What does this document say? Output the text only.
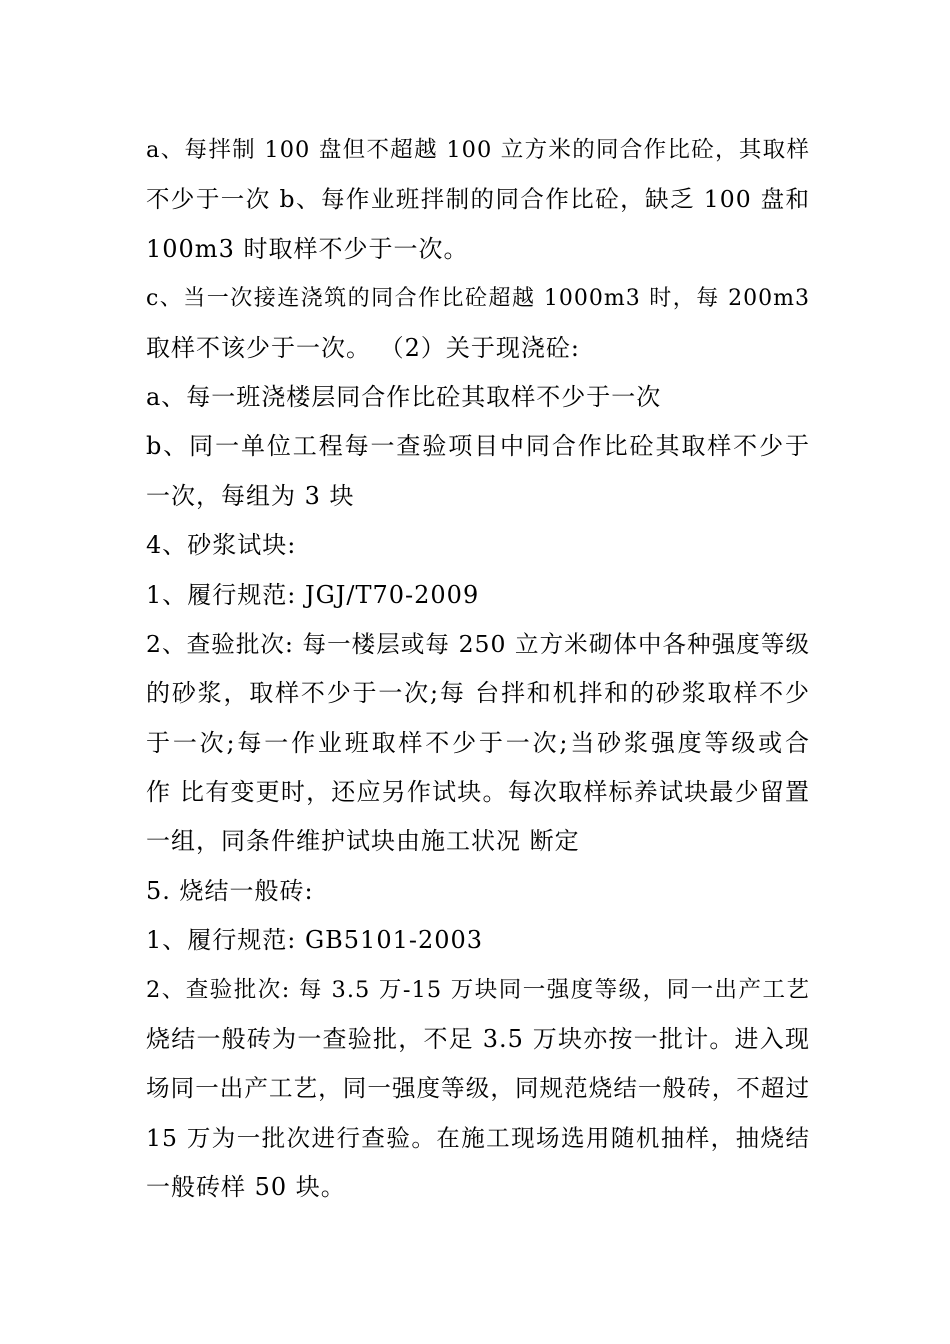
a、每拌制 100 盘但不超越 100 立方米的同合作比砼，其取样

不少于一次 b、每作业班拌制的同合作比砼，缺乏 100 盘和

100m3 时取样不少于一次。

c、当一次接连浇筑的同合作比砼超越 1000m3 时，每 200m3

取样不该少于一次。 （2）关于现浇砼:

a、每一班浇楼层同合作比砼其取样不少于一次

b、同一单位工程每一查验项目中同合作比砼其取样不少于

一次，每组为 3 块

4、砂浆试块:

1、履行规范: JGJ/T70-2009

2、查验批次: 每一楼层或每 250 立方米砌体中各种强度等级

的砂浆，取样不少于一次;每 台拌和机拌和的砂浆取样不少

于一次;每一作业班取样不少于一次;当砂浆强度等级或合

作 比有变更时，还应另作试块。每次取样标养试块最少留置

一组，同条件维护试块由施工状况 断定

5. 烧结一般砖:

1、履行规范: GB5101-2003

2、查验批次: 每 3.5 万-15 万块同一强度等级，同一出产工艺

烧结一般砖为一查验批，不足 3.5 万块亦按一批计。进入现

场同一出产工艺，同一强度等级，同规范烧结一般砖，不超过

15 万为一批次进行查验。在施工现场选用随机抽样，抽烧结

一般砖样 50 块。
